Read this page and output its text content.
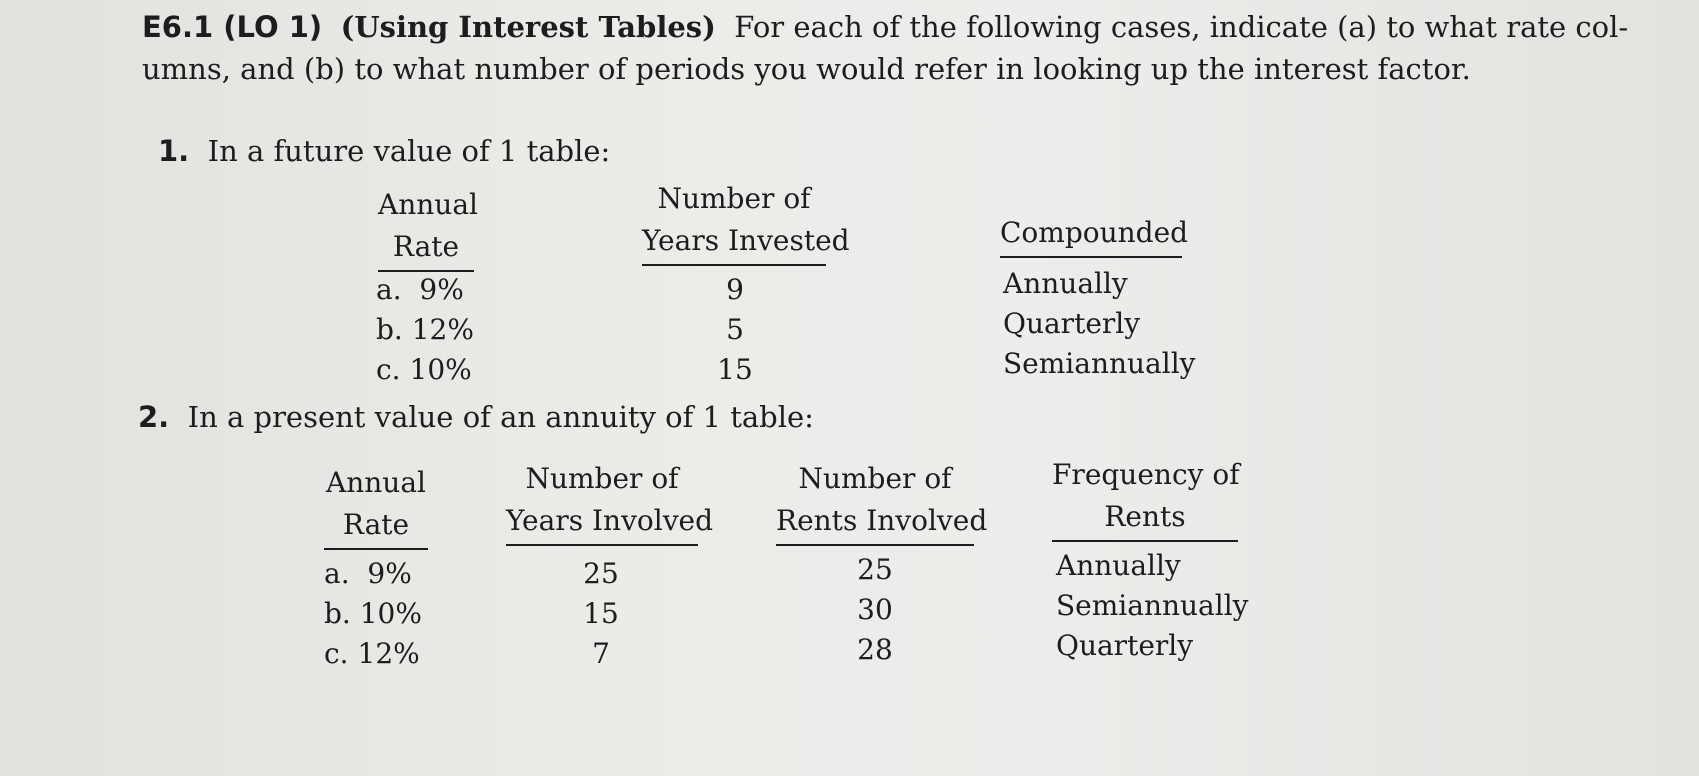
E6.1 (LO 1) (Using Interest Tables) For each of the following cases, indicate (a) to what rate col-
umns, and (b) to what number of periods you would refer in looking up the interest factor.
1. In a future value of 1 table:
Annual

Rate
Number of

Years Invested	Compounded
a. 9%
b. 12%
c. 10%
9
5
15
Annually
Quarterly
Semiannually
2. In a present value of an annuity of 1 table:
Annual

Rate
Number of

Years Involved
Number of

Rents Involved
Frequency of

Rents
a. 9%
b. 10%
c. 12%
25
15
7
25
30
28
Annually
Semiannually
Quarterly
